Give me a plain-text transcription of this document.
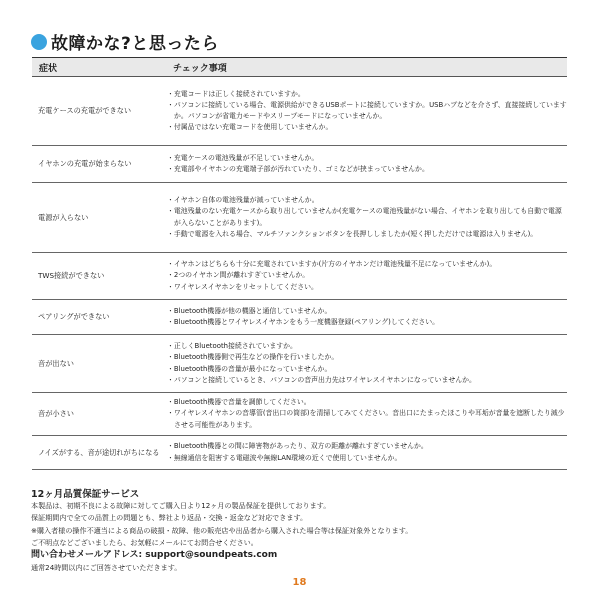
故障かな?と思ったら
症状	チェック事項
充電ケースの充電ができない	・充電コードは正しく接続されていますか。
・パソコンに接続している場合、電源供給ができるUSBポートに接続していますか。USBハブなどを介さず、直接接続していますか。パソコンが省電力モードやスリープモードになっていませんか。
・付属品ではない充電コードを使用していませんか。

イヤホンの充電が始まらない	・充電ケースの電池残量が不足していませんか。
・充電部やイヤホンの充電端子部が汚れていたり、ゴミなどが挟まっていませんか。

電源が入らない	・イヤホン自体の電池残量が減っていませんか。
・電池残量のない充電ケースから取り出していませんか(充電ケースの電池残量がない場合、イヤホンを取り出しても自動で電源が入らないことがあります)。
・手動で電源を入れる場合、マルチファンクションボタンを長押ししましたか(短く押しただけでは電源は入りません)。

TWS接続ができない	・イヤホンはどちらも十分に充電されていますか(片方のイヤホンだけ電池残量不足になっていませんか)。
・2つのイヤホン間が離れすぎていませんか。
・ワイヤレスイヤホンをリセットしてください。

ペアリングができない	・Bluetooth機器が他の機器と通信していませんか。
・Bluetooth機器とワイヤレスイヤホンをもう一度機器登録(ペアリング)してください。

音が出ない	・正しくBluetooth接続されていますか。
・Bluetooth機器側で再生などの操作を行いましたか。
・Bluetooth機器の音量が最小になっていませんか。
・パソコンと接続しているとき、パソコンの音声出力先はワイヤレスイヤホンになっていませんか。

音が小さい	・Bluetooth機器で音量を調節してください。
・ワイヤレスイヤホンの音導管(音出口の筒部)を清掃してみてください。音出口にたまったほこりや耳垢が音量を遮断したり減少させる可能性があります。

ノイズがする、音が途切れがちになる	・Bluetooth機器との間に障害物があったり、双方の距離が離れすぎていませんか。
・無線通信を阻害する電磁波や無線LAN環境の近くで使用していませんか。
12ヶ月品質保証サービス
本製品は、初期不良による故障に対してご購入日より12ヶ月の製品保証を提供しております。
保証期間内で全ての品質上の問題とも、弊社より返品・交換・返金など対応できます。
※購入者様の操作不適当による商品の破損・故障、他の販売店や出品者から購入された場合等は保証対象外となります。
ご不明点などございましたら、お気軽にメールにてお問合せください。
問い合わせメールアドレス: support@soundpeats.com
通常24時間以内にご回答させていただきます。
18
